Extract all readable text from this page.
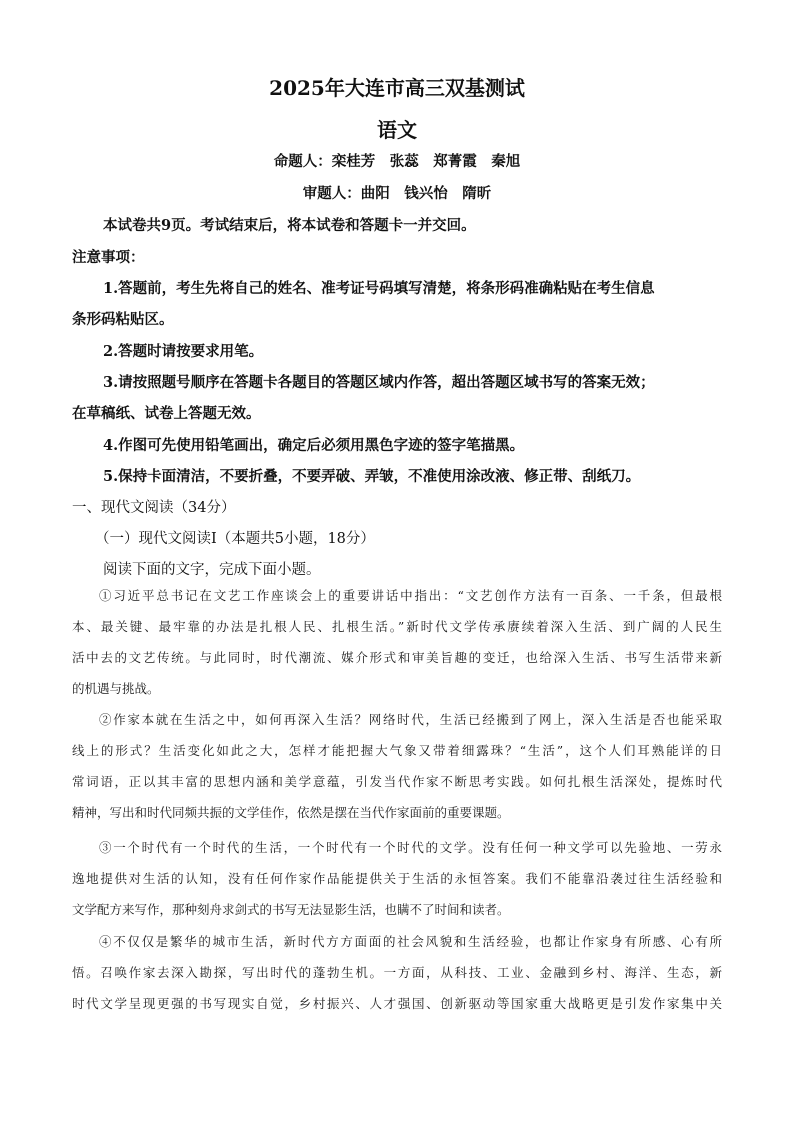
2025年大连市高三双基测试
语文
命题人：栾桂芳　张蕊　郑菁霞　秦旭
审题人：曲阳　钱兴怡　隋昕
本试卷共9页。考试结束后，将本试卷和答题卡一并交回。
注意事项：
1.答题前，考生先将自己的姓名、准考证号码填写清楚，将条形码准确粘贴在考生信息
条形码粘贴区。
2.答题时请按要求用笔。
3.请按照题号顺序在答题卡各题目的答题区域内作答，超出答题区域书写的答案无效；
在草稿纸、试卷上答题无效。
4.作图可先使用铅笔画出，确定后必须用黑色字迹的签字笔描黑。
5.保持卡面清洁，不要折叠，不要弄破、弄皱，不准使用涂改液、修正带、刮纸刀。
一、现代文阅读（34分）
（一）现代文阅读Ⅰ（本题共5小题，18分）
阅读下面的文字，完成下面小题。
①习近平总书记在文艺工作座谈会上的重要讲话中指出：“文艺创作方法有一百条、一千条，但最根
本、最关键、最牢靠的办法是扎根人民、扎根生活。”新时代文学传承赓续着深入生活、到广阔的人民生
活中去的文艺传统。与此同时，时代潮流、媒介形式和审美旨趣的变迁，也给深入生活、书写生活带来新
的机遇与挑战。
②作家本就在生活之中，如何再深入生活？网络时代，生活已经搬到了网上，深入生活是否也能采取
线上的形式？生活变化如此之大，怎样才能把握大气象又带着细露珠？“生活”，这个人们耳熟能详的日
常词语，正以其丰富的思想内涵和美学意蕴，引发当代作家不断思考实践。如何扎根生活深处，提炼时代
精神，写出和时代同频共振的文学佳作，依然是摆在当代作家面前的重要课题。
③一个时代有一个时代的生活，一个时代有一个时代的文学。没有任何一种文学可以先验地、一劳永
逸地提供对生活的认知，没有任何作家作品能提供关于生活的永恒答案。我们不能靠沿袭过往生活经验和
文学配方来写作，那种刻舟求剑式的书写无法显影生活，也瞒不了时间和读者。
④不仅仅是繁华的城市生活，新时代方方面面的社会风貌和生活经验，也都让作家身有所感、心有所
悟。召唤作家去深入勘探，写出时代的蓬勃生机。一方面，从科技、工业、金融到乡村、海洋、生态，新
时代文学呈现更强的书写现实自觉，乡村振兴、人才强国、创新驱动等国家重大战略更是引发作家集中关
